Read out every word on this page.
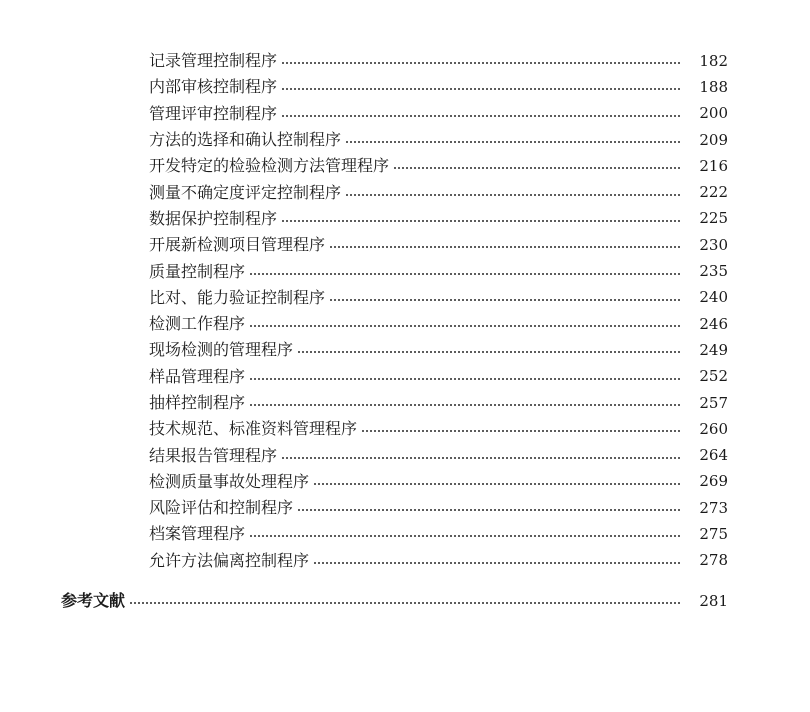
记录管理控制程序	182
内部审核控制程序	188
管理评审控制程序	200
方法的选择和确认控制程序	209
开发特定的检验检测方法管理程序	216
测量不确定度评定控制程序	222
数据保护控制程序	225
开展新检测项目管理程序	230
质量控制程序	235
比对、能力验证控制程序	240
检测工作程序	246
现场检测的管理程序	249
样品管理程序	252
抽样控制程序	257
技术规范、标准资料管理程序	260
结果报告管理程序	264
检测质量事故处理程序	269
风险评估和控制程序	273
档案管理程序	275
允许方法偏离控制程序	278
参考文献	281
